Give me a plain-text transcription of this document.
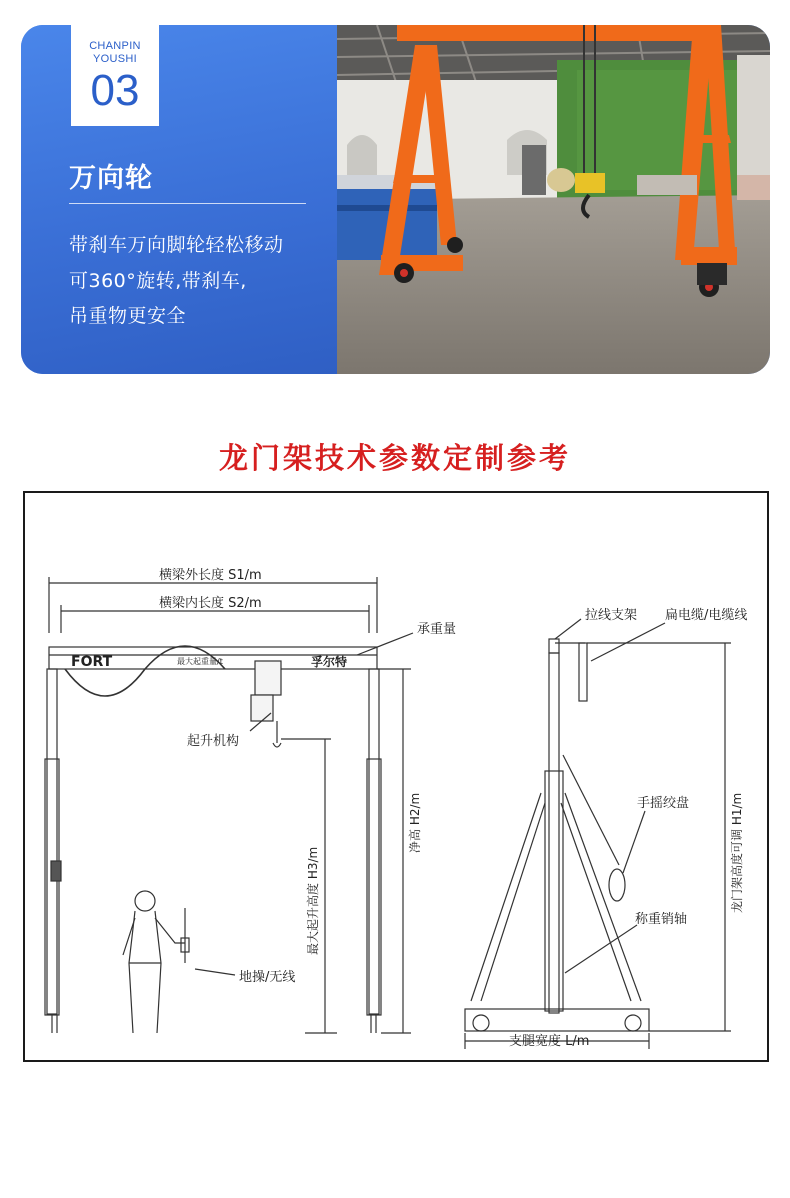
CHANPIN
YOUSHI
03
万向轮
带刹车万向脚轮轻松移动
可360°旋转,带刹车,
吊重物更安全
龙门架技术参数定制参考
横梁外长度 S1/m
横梁内长度 S2/m
承重量
FORT	最大起重量/t	孚尔特
起升机构
地操/无线
最大起升高度 H3/m
净高 H2/m
拉线支架 扁电缆/电缆线
手摇绞盘
称重销轴
龙门架高度可调 H1/m
支腿宽度 L/m
